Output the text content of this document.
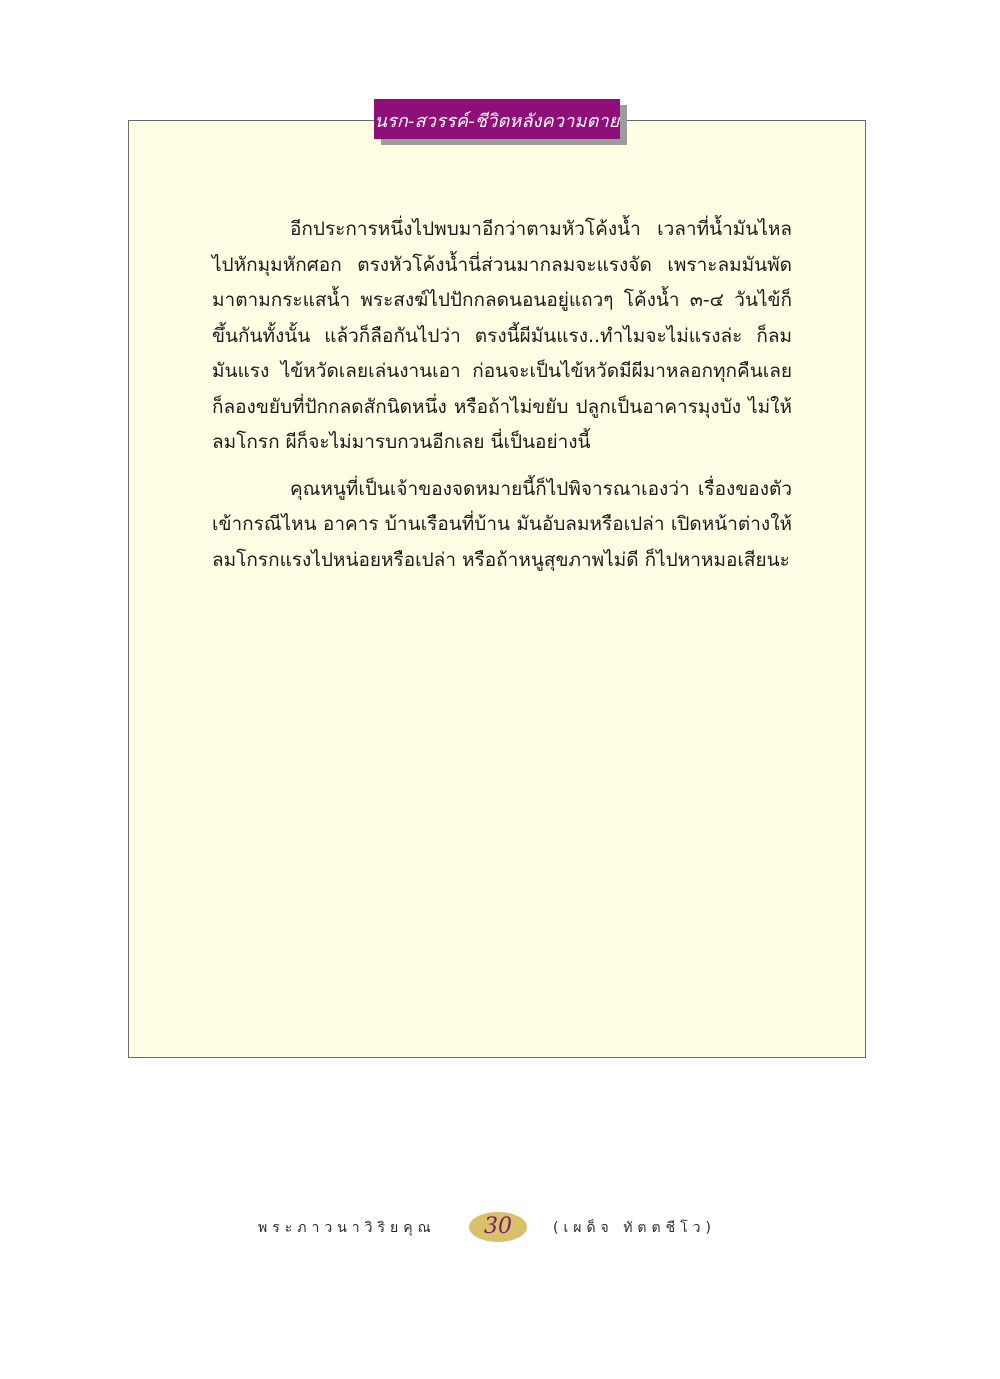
นรก-สวรรค์-ชีวิตหลังความตาย

อีกประการหนึ่งไปพบมาอีกว่าตามหัวโค้งน้ำ เวลาที่น้ำมันไหลไปหักมุมหักศอก ตรงหัวโค้งน้ำนี่ส่วนมากลมจะแรงจัด เพราะลมมันพัดมาตามกระแสน้ำ พระสงฆ์ไปปักกลดนอนอยู่แถวๆ โค้งน้ำ ๓-๔ วันไข้ก็ขึ้นกันทั้งนั้น แล้วก็ลือกันไปว่า ตรงนี้ผีมันแรง..ทำไมจะไม่แรงล่ะ ก็ลมมันแรง ไข้หวัดเลยเล่นงานเอา ก่อนจะเป็นไข้หวัดมีผีมาหลอกทุกคืนเลย ก็ลองขยับที่ปักกลดสักนิดหนึ่ง หรือถ้าไม่ขยับ ปลูกเป็นอาคารมุงบัง ไม่ให้ลมโกรก ผีก็จะไม่มารบกวนอีกเลย นี่เป็นอย่างนี้

คุณหนูที่เป็นเจ้าของจดหมายนี้ก็ไปพิจารณาเองว่า เรื่องของตัวเข้ากรณีไหน อาคาร บ้านเรือนที่บ้าน มันอับลมหรือเปล่า เปิดหน้าต่างให้ลมโกรกแรงไปหน่อยหรือเปล่า หรือถ้าหนูสุขภาพไม่ดี ก็ไปหาหมอเสียนะ

พระภาวนาวิริยคุณ 30	(เผด็จ ทัตตชีโว)
